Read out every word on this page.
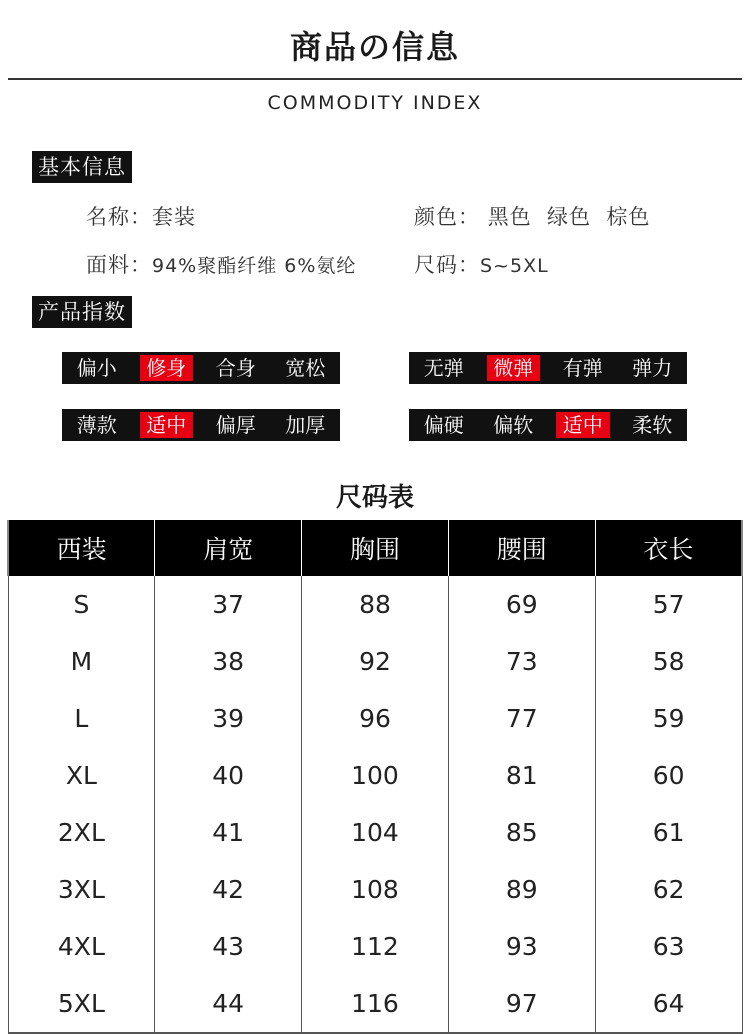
商品の信息
COMMODITY INDEX
基本信息
名称：套装	颜色： 黑色  绿色  棕色
面料：94%聚酯纤维 6%氨纶	尺码：S~5XL
产品指数
偏小	修身	合身	宽松	无弹	微弹	有弹	弹力
薄款	适中	偏厚	加厚	偏硬	偏软	适中	柔软
尺码表
西装	肩宽	胸围	腰围	衣长
S	37	88	69	57
M	38	92	73	58
L	39	96	77	59
XL	40	100	81	60
2XL	41	104	85	61
3XL	42	108	89	62
4XL	43	112	93	63
5XL	44	116	97	64
